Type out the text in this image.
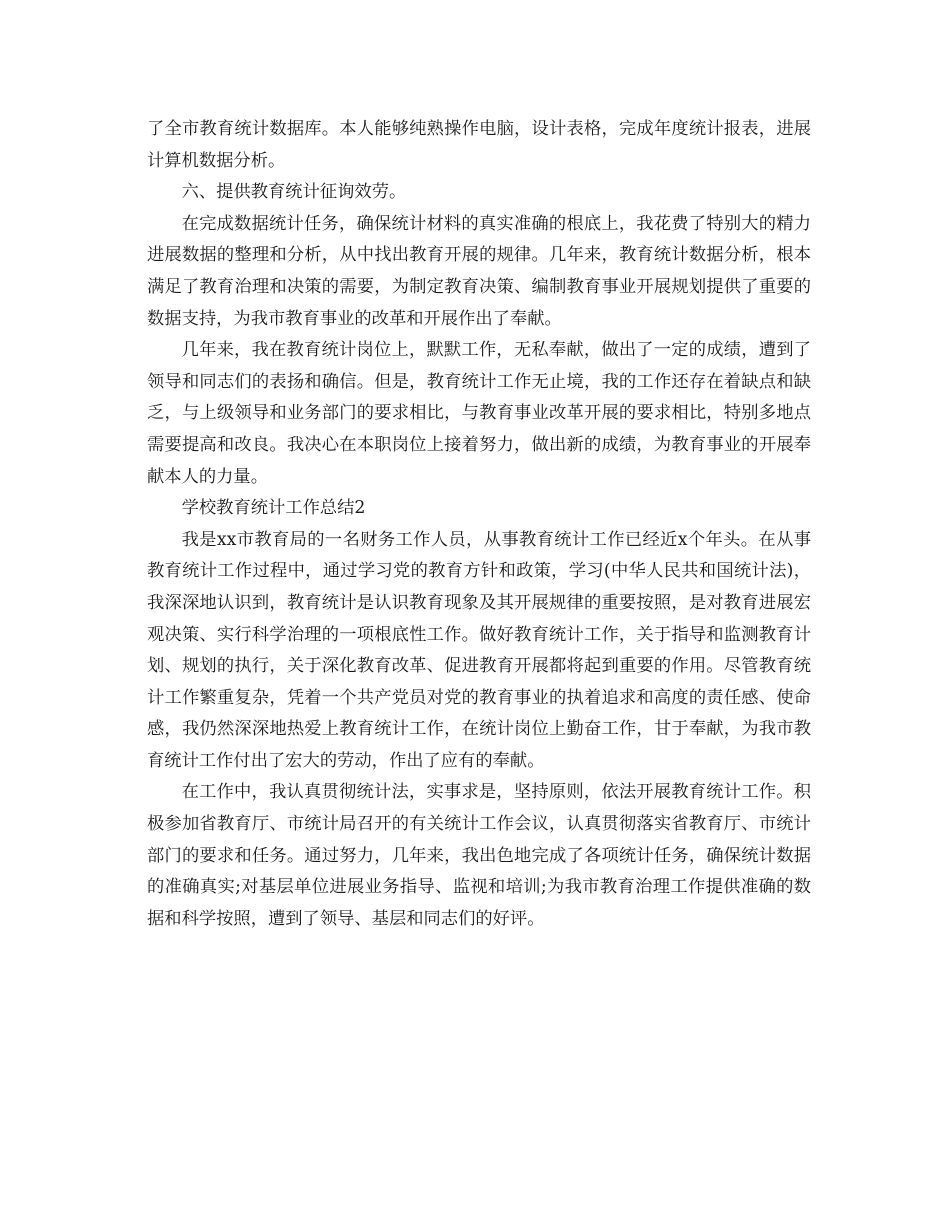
了全市教育统计数据库。本人能够纯熟操作电脑，设计表格，完成年度统计报表，进展计算机数据分析。

六、提供教育统计征询效劳。

在完成数据统计任务，确保统计材料的真实准确的根底上，我花费了特别大的精力进展数据的整理和分析，从中找出教育开展的规律。几年来，教育统计数据分析，根本满足了教育治理和决策的需要，为制定教育决策、编制教育事业开展规划提供了重要的数据支持，为我市教育事业的改革和开展作出了奉献。

几年来，我在教育统计岗位上，默默工作，无私奉献，做出了一定的成绩，遭到了领导和同志们的表扬和确信。但是，教育统计工作无止境，我的工作还存在着缺点和缺乏，与上级领导和业务部门的要求相比，与教育事业改革开展的要求相比，特别多地点需要提高和改良。我决心在本职岗位上接着努力，做出新的成绩，为教育事业的开展奉献本人的力量。

学校教育统计工作总结2

我是xx市教育局的一名财务工作人员，从事教育统计工作已经近x个年头。在从事教育统计工作过程中，通过学习党的教育方针和政策，学习(中华人民共和国统计法)，我深深地认识到，教育统计是认识教育现象及其开展规律的重要按照，是对教育进展宏观决策、实行科学治理的一项根底性工作。做好教育统计工作，关于指导和监测教育计划、规划的执行，关于深化教育改革、促进教育开展都将起到重要的作用。尽管教育统计工作繁重复杂，凭着一个共产党员对党的教育事业的执着追求和高度的责任感、使命感，我仍然深深地热爱上教育统计工作，在统计岗位上勤奋工作，甘于奉献，为我市教育统计工作付出了宏大的劳动，作出了应有的奉献。

在工作中，我认真贯彻统计法，实事求是，坚持原则，依法开展教育统计工作。积极参加省教育厅、市统计局召开的有关统计工作会议，认真贯彻落实省教育厅、市统计部门的要求和任务。通过努力，几年来，我出色地完成了各项统计任务，确保统计数据的准确真实;对基层单位进展业务指导、监视和培训;为我市教育治理工作提供准确的数据和科学按照，遭到了领导、基层和同志们的好评。
